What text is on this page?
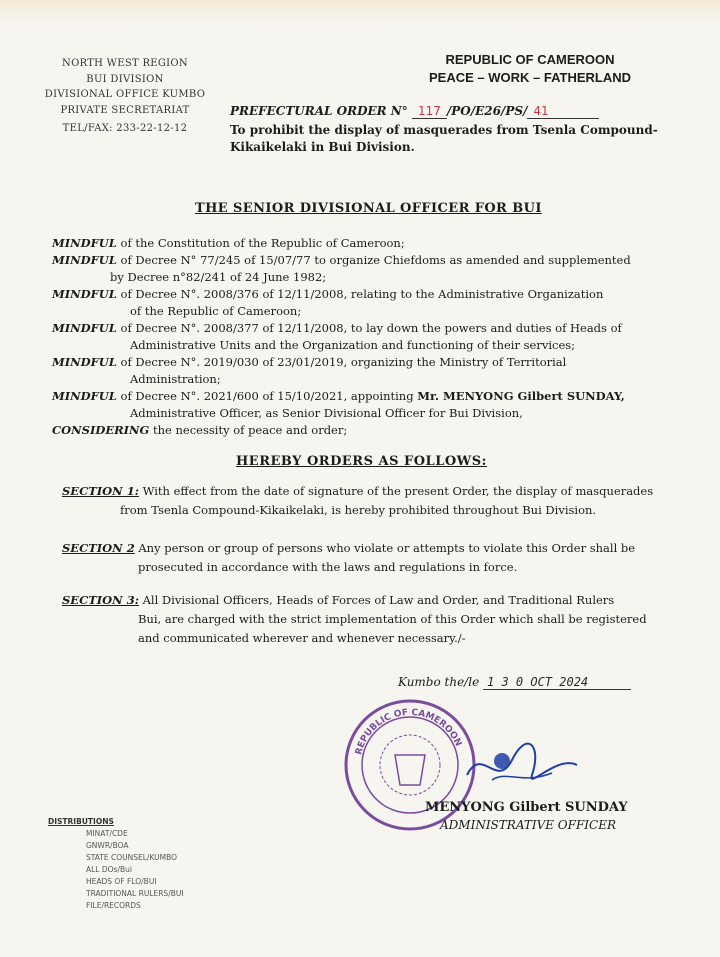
NORTH WEST REGION
BUI DIVISION
DIVISIONAL OFFICE KUMBO
PRIVATE SECRETARIAT
TEL/FAX: 233-22-12-12
REPUBLIC OF CAMEROON
PEACE – WORK – FATHERLAND
PREFECTURAL ORDER N° 117 /PO/E26/PS/ 41
To prohibit the display of masquerades from Tsenla Compound-Kikaikelaki in Bui Division.
THE SENIOR DIVISIONAL OFFICER FOR BUI

MINDFUL of the Constitution of the Republic of Cameroon;

MINDFUL of Decree N° 77/245 of 15/07/77 to organize Chiefdoms as amended and supplemented

by Decree n°82/241 of 24 June 1982;

MINDFUL of Decree N°. 2008/376 of 12/11/2008, relating to the Administrative Organization

of the Republic of Cameroon;

MINDFUL of Decree N°. 2008/377 of 12/11/2008, to lay down the powers and duties of Heads of

Administrative Units and the Organization and functioning of their services;

MINDFUL of Decree N°. 2019/030 of 23/01/2019, organizing the Ministry of Territorial

Administration;

MINDFUL of Decree N°. 2021/600 of 15/10/2021, appointing Mr. MENYONG Gilbert SUNDAY,

Administrative Officer, as Senior Divisional Officer for Bui Division,

CONSIDERING the necessity of peace and order;

HEREBY ORDERS AS FOLLOWS:
SECTION 1: With effect from the date of signature of the present Order, the display of masquerades
from Tsenla Compound-Kikaikelaki, is hereby prohibited throughout Bui Division.
SECTION 2 Any person or group of persons who violate or attempts to violate this Order shall be
prosecuted in accordance with the laws and regulations in force.
SECTION 3: All Divisional Officers, Heads of Forces of Law and Order, and Traditional Rulers
Bui, are charged with the strict implementation of this Order which shall be registered
and communicated wherever and whenever necessary./-
Kumbo the/le 1 3 0 OCT 2024
REPUBLIC OF CAMEROON
MENYONG Gilbert SUNDAY
ADMINISTRATIVE OFFICER
DISTRIBUTIONS
MINAT/CDE
GNWR/BOA
STATE COUNSEL/KUMBO
ALL DOs/Bui
HEADS OF FLO/BUI
TRADITIONAL RULERS/BUI
FILE/RECORDS
